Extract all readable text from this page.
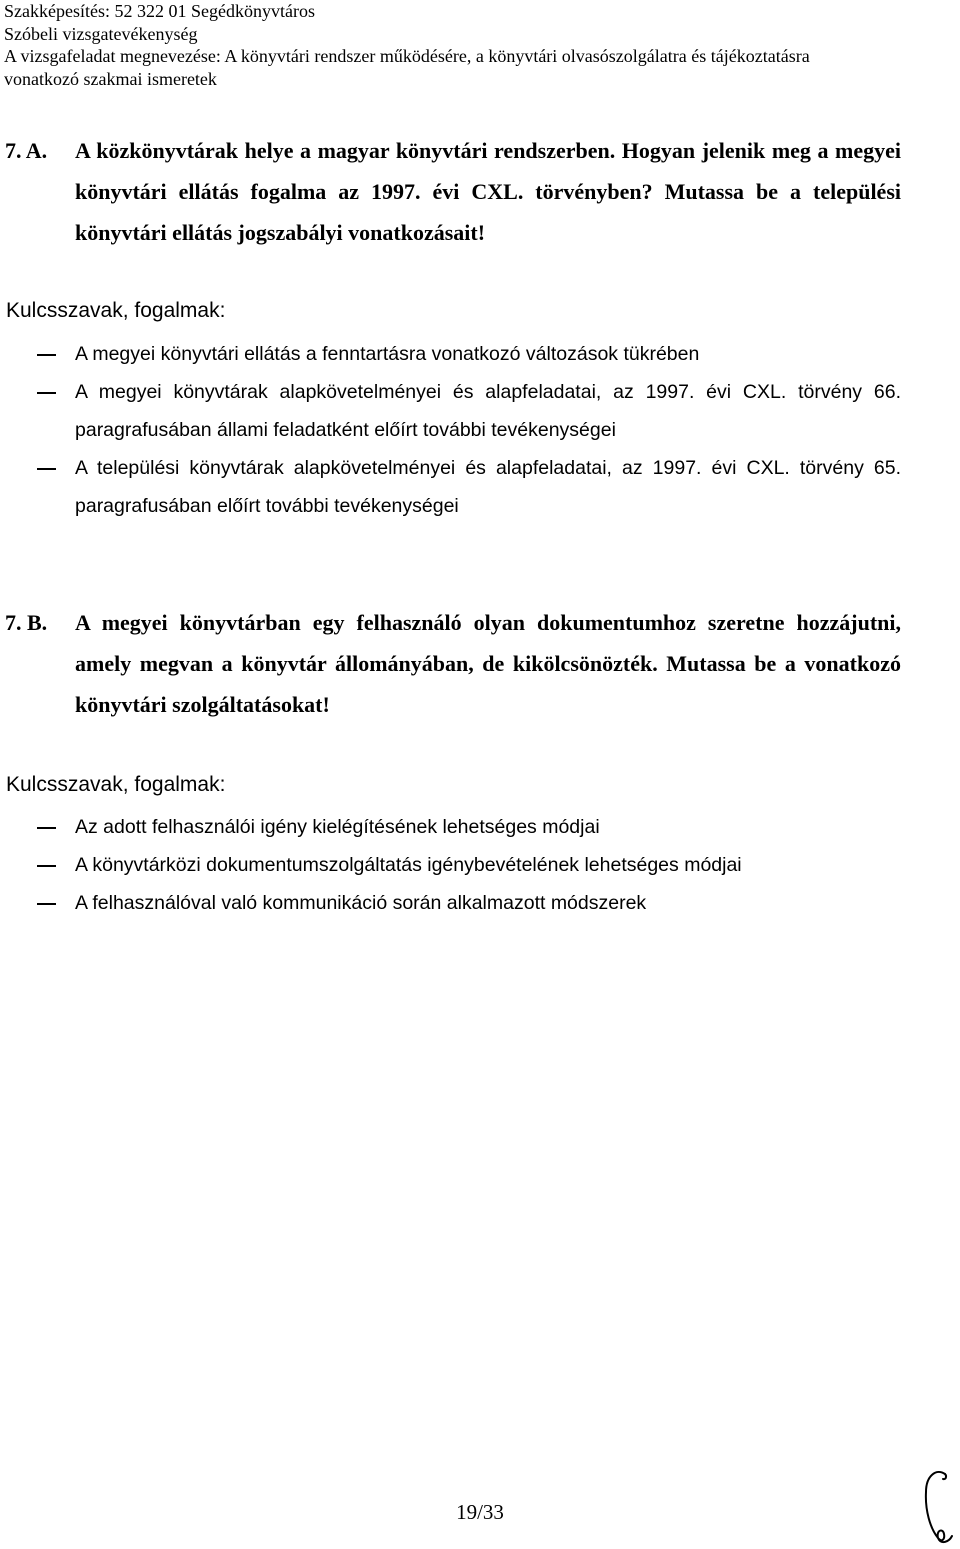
Szakképesítés: 52 322 01 Segédkönyvtáros
Szóbeli vizsgatevékenység
A vizsgafeladat megnevezése: A könyvtári rendszer működésére, a könyvtári olvasószolgálatra és tájékoztatásra
vonatkozó szakmai ismeretek
7. A. A közkönyvtárak helye a magyar könyvtári rendszerben. Hogyan jelenik meg a megyei könyvtári ellátás fogalma az 1997. évi CXL. törvényben? Mutassa be a települési könyvtári ellátás jogszabályi vonatkozásait!
Kulcsszavak, fogalmak:
A megyei könyvtári ellátás a fenntartásra vonatkozó változások tükrében
A megyei könyvtárak alapkövetelményei és alapfeladatai, az 1997. évi CXL. törvény 66. paragrafusában állami feladatként előírt további tevékenységei
A települési könyvtárak alapkövetelményei és alapfeladatai, az 1997. évi CXL. törvény 65. paragrafusában előírt további tevékenységei
7. B. A megyei könyvtárban egy felhasználó olyan dokumentumhoz szeretne hozzájutni, amely megvan a könyvtár állományában, de kikölcsönözték. Mutassa be a vonatkozó könyvtári szolgáltatásokat!
Kulcsszavak, fogalmak:
Az adott felhasználói igény kielégítésének lehetséges módjai
A könyvtárközi dokumentumszolgáltatás igénybevételének lehetséges módjai
A felhasználóval való kommunikáció során alkalmazott módszerek
19/33
